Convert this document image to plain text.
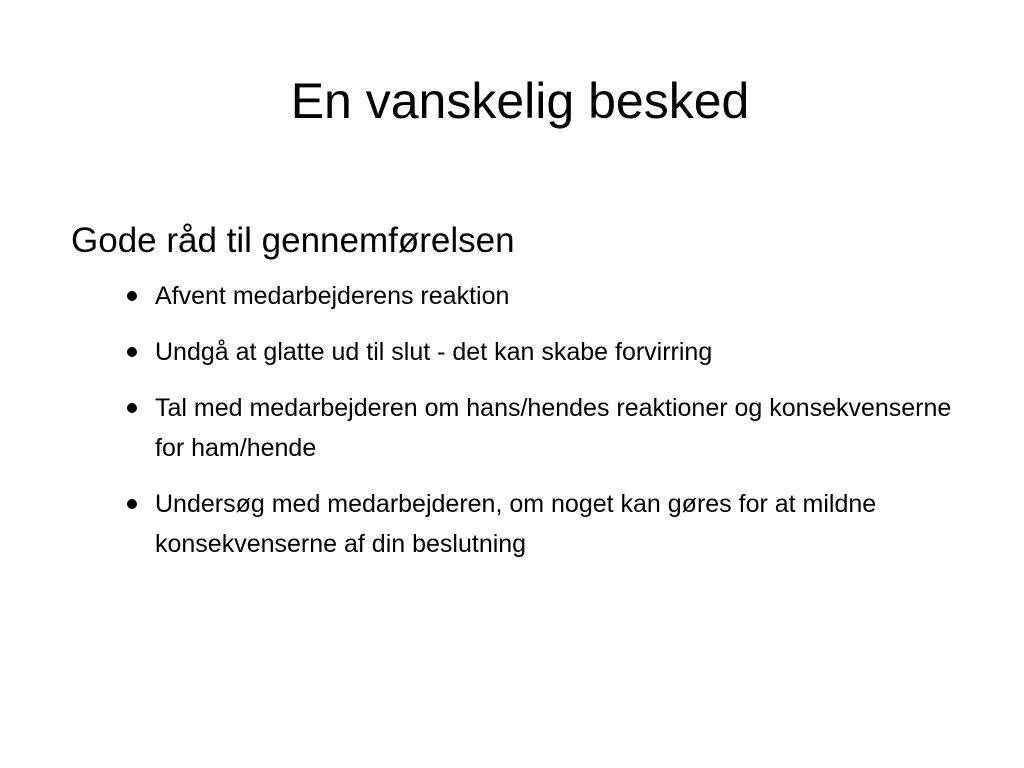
En vanskelig besked
Gode råd til gennemførelsen
Afvent medarbejderens reaktion
Undgå at glatte ud til slut - det kan skabe forvirring
Tal med medarbejderen om hans/hendes reaktioner og konsekvenserne for ham/hende
Undersøg med medarbejderen, om noget kan gøres for at mildne konsekvenserne af din beslutning
